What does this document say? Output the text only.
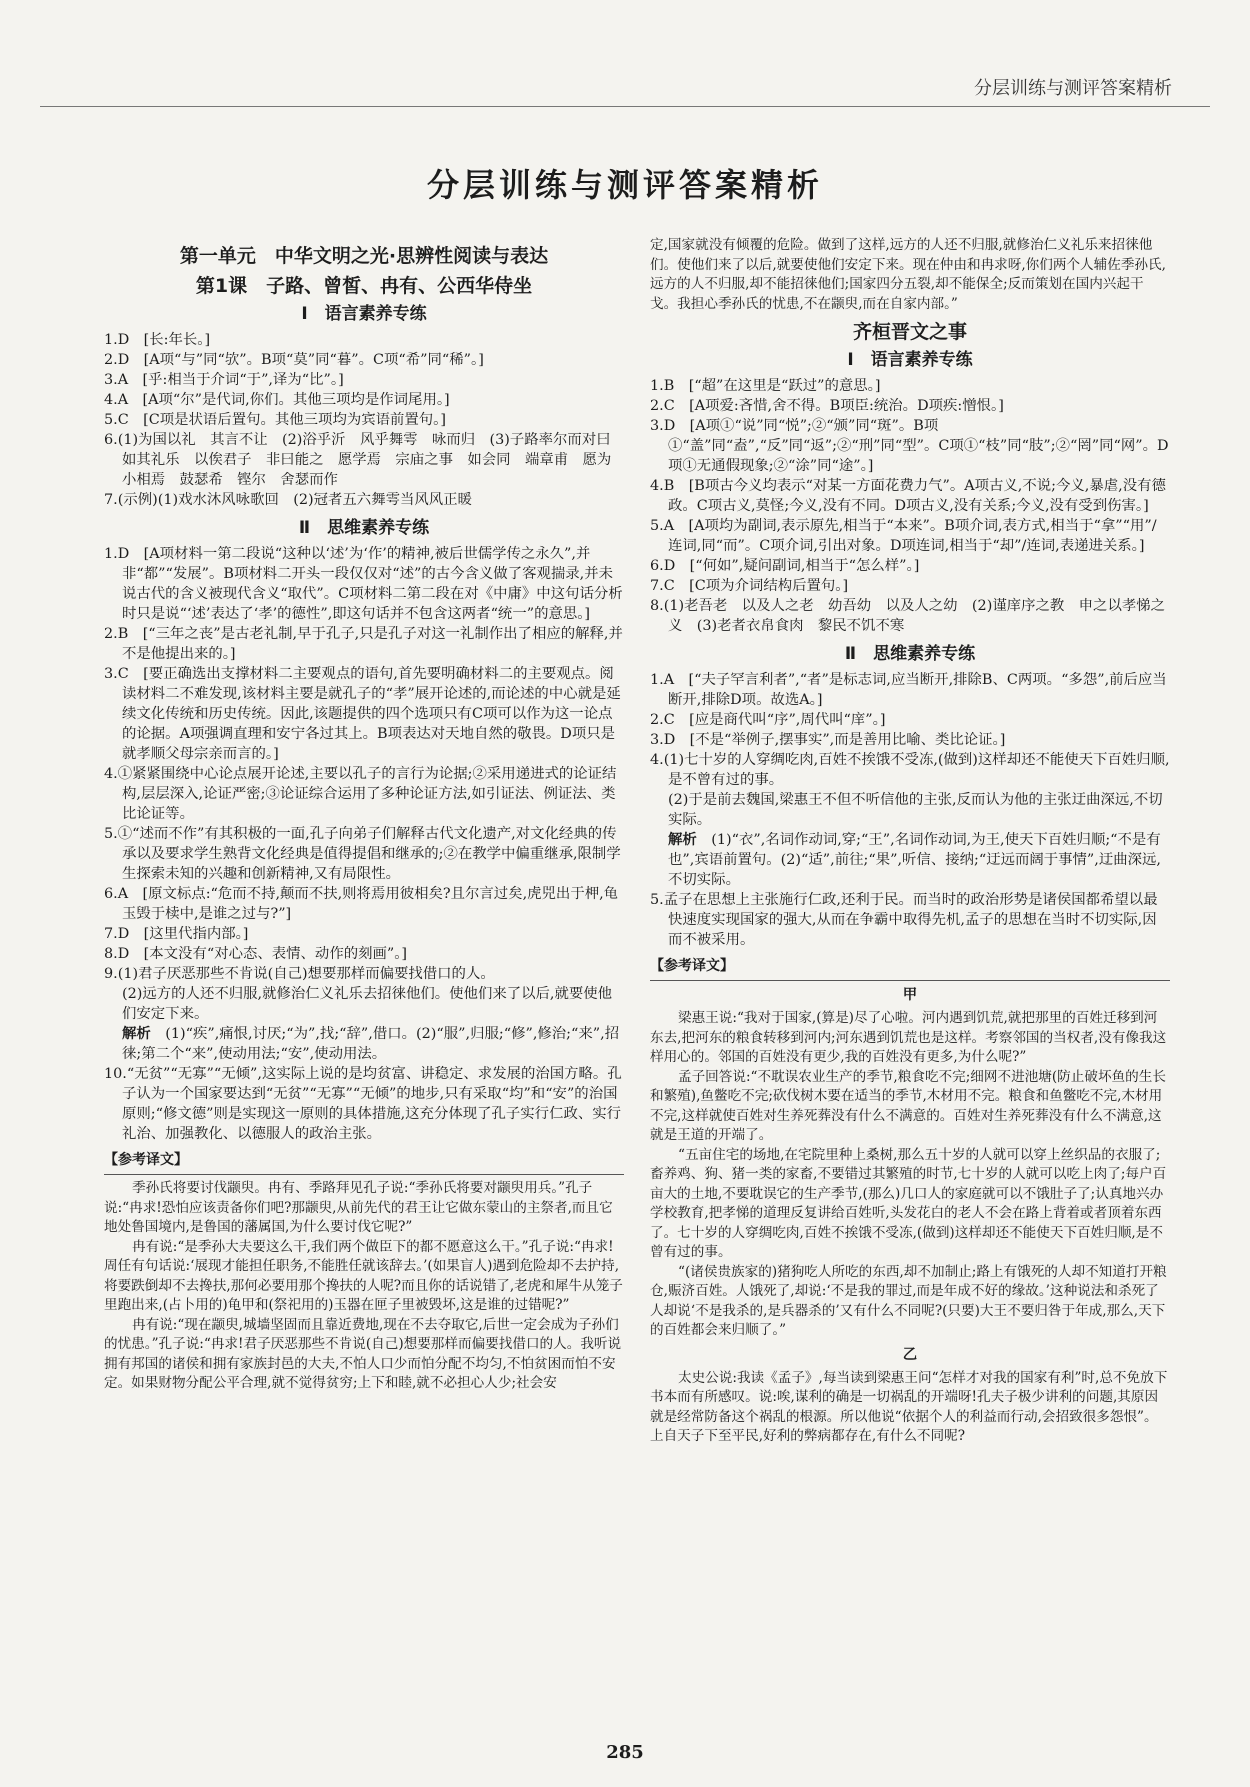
分层训练与测评答案精析
分层训练与测评答案精析
第一单元　中华文明之光·思辨性阅读与表达
第1课　子路、曾皙、冉有、公西华侍坐
Ⅰ　语言素养专练

1.D　[长:年长。]

2.D　[A项“与”同“欤”。B项“莫”同“暮”。C项“希”同“稀”。]

3.A　[乎:相当于介词“于”,译为“比”。]

4.A　[A项“尔”是代词,你们。其他三项均是作词尾用。]

5.C　[C项是状语后置句。其他三项均为宾语前置句。]

6.(1)为国以礼　其言不让　(2)浴乎沂　风乎舞雩　咏而归　(3)子路率尔而对曰　如其礼乐　以俟君子　非曰能之　愿学焉　宗庙之事　如会同　端章甫　愿为小相焉　鼓瑟希　铿尔　舍瑟而作

7.(示例)(1)戏水沐风咏歌回　(2)冠者五六舞雩当风风正暖

Ⅱ　思维素养专练

1.D　[A项材料一第二段说“这种以‘述’为‘作’的精神,被后世儒学传之永久”,并非“都”“发展”。B项材料二开头一段仅仅对“述”的古今含义做了客观揣录,并未说古代的含义被现代含义“取代”。C项材料二第二段在对《中庸》中这句话分析时只是说“‘述’表达了‘孝’的德性”,即这句话并不包含这两者“统一”的意思。]

2.B　[“三年之丧”是古老礼制,早于孔子,只是孔子对这一礼制作出了相应的解释,并不是他提出来的。]

3.C　[要正确选出支撑材料二主要观点的语句,首先要明确材料二的主要观点。阅读材料二不难发现,该材料主要是就孔子的“孝”展开论述的,而论述的中心就是延续文化传统和历史传统。因此,该题提供的四个选项只有C项可以作为这一论点的论据。A项强调直理和安宁各过其上。B项表达对天地自然的敬畏。D项只是就孝顺父母宗亲而言的。]

4.①紧紧围绕中心论点展开论述,主要以孔子的言行为论据;②采用递进式的论证结构,层层深入,论证严密;③论证综合运用了多种论证方法,如引证法、例证法、类比论证等。

5.①“述而不作”有其积极的一面,孔子向弟子们解释古代文化遗产,对文化经典的传承以及要求学生熟背文化经典是值得提倡和继承的;②在教学中偏重继承,限制学生探索未知的兴趣和创新精神,又有局限性。

6.A　[原文标点:“危而不持,颠而不扶,则将焉用彼相矣?且尔言过矣,虎兕出于柙,龟玉毁于椟中,是谁之过与?”]

7.D　[这里代指内部。]

8.D　[本文没有“对心态、表情、动作的刻画”。]

9.(1)君子厌恶那些不肯说(自己)想要那样而偏要找借口的人。

(2)远方的人还不归服,就修治仁义礼乐去招徕他们。使他们来了以后,就要使他们安定下来。

解析　 (1)“疾”,痛恨,讨厌;“为”,找;“辞”,借口。(2)“服”,归服;“修”,修治;“来”,招徕;第二个“来”,使动用法;“安”,使动用法。

10.“无贫”“无寡”“无倾”,这实际上说的是均贫富、讲稳定、求发展的治国方略。孔子认为一个国家要达到“无贫”“无寡”“无倾”的地步,只有采取“均”和“安”的治国原则;“修文德”则是实现这一原则的具体措施,这充分体现了孔子实行仁政、实行礼治、加强教化、以德服人的政治主张。

【参考译文】

季孙氏将要讨伐颛臾。冉有、季路拜见孔子说:“季孙氏将要对颛臾用兵。”孔子说:“冉求!恐怕应该责备你们吧?那颛臾,从前先代的君王让它做东蒙山的主祭者,而且它地处鲁国境内,是鲁国的藩属国,为什么要讨伐它呢?”

冉有说:“是季孙大夫要这么干,我们两个做臣下的都不愿意这么干。”孔子说:“冉求!周任有句话说:‘展现才能担任职务,不能胜任就该辞去。’(如果盲人)遇到危险却不去护持,将要跌倒却不去搀扶,那何必要用那个搀扶的人呢?而且你的话说错了,老虎和犀牛从笼子里跑出来,(占卜用的)龟甲和(祭祀用的)玉器在匣子里被毁坏,这是谁的过错呢?”

冉有说:“现在颛臾,城墙坚固而且靠近费地,现在不去夺取它,后世一定会成为子孙们的忧患。”孔子说:“冉求!君子厌恶那些不肯说(自己)想要那样而偏要找借口的人。我听说拥有邦国的诸侯和拥有家族封邑的大夫,不怕人口少而怕分配不均匀,不怕贫困而怕不安定。如果财物分配公平合理,就不觉得贫穷;上下和睦,就不必担心人少;社会安

定,国家就没有倾覆的危险。做到了这样,远方的人还不归服,就修治仁义礼乐来招徕他们。使他们来了以后,就要使他们安定下来。现在仲由和冉求呀,你们两个人辅佐季孙氏,远方的人不归服,却不能招徕他们;国家四分五裂,却不能保全;反而策划在国内兴起干戈。我担心季孙氏的忧患,不在颛臾,而在自家内部。”

齐桓晋文之事
Ⅰ　语言素养专练

1.B　[“超”在这里是“跃过”的意思。]

2.C　[A项爱:吝惜,舍不得。B项臣:统治。D项疾:憎恨。]

3.D　[A项①“说”同“悦”;②“颁”同“斑”。B项①“盖”同“盍”,“反”同“返”;②“刑”同“型”。C项①“枝”同“肢”;②“罔”同“网”。D项①无通假现象;②“涂”同“途”。]

4.B　[B项古今义均表示“对某一方面花费力气”。A项古义,不说;今义,暴虐,没有德政。C项古义,莫怪;今义,没有不同。D项古义,没有关系;今义,没有受到伤害。]

5.A　[A项均为副词,表示原先,相当于“本来”。B项介词,表方式,相当于“拿”“用”/连词,同“而”。C项介词,引出对象。D项连词,相当于“却”/连词,表递进关系。]

6.D　[“何如”,疑问副词,相当于“怎么样”。]

7.C　[C项为介词结构后置句。]

8.(1)老吾老　以及人之老　幼吾幼　以及人之幼　(2)谨庠序之教　申之以孝悌之义　(3)老者衣帛食肉　黎民不饥不寒

Ⅱ　思维素养专练

1.A　[“夫子罕言利者”,“者”是标志词,应当断开,排除B、C两项。“多怨”,前后应当断开,排除D项。故选A。]

2.C　[应是商代叫“序”,周代叫“庠”。]

3.D　[不是“举例子,摆事实”,而是善用比喻、类比论证。]

4.(1)七十岁的人穿绸吃肉,百姓不挨饿不受冻,(做到)这样却还不能使天下百姓归顺,是不曾有过的事。

(2)于是前去魏国,梁惠王不但不听信他的主张,反而认为他的主张迂曲深远,不切实际。

解析　 (1)“衣”,名词作动词,穿;“王”,名词作动词,为王,使天下百姓归顺;“不是有也”,宾语前置句。(2)“适”,前往;“果”,听信、接纳;“迂远而阔于事情”,迂曲深远,不切实际。

5.孟子在思想上主张施行仁政,还利于民。而当时的政治形势是诸侯国都希望以最快速度实现国家的强大,从而在争霸中取得先机,孟子的思想在当时不切实际,因而不被采用。

【参考译文】
甲

梁惠王说:“我对于国家,(算是)尽了心啦。河内遇到饥荒,就把那里的百姓迁移到河东去,把河东的粮食转移到河内;河东遇到饥荒也是这样。考察邻国的当权者,没有像我这样用心的。邻国的百姓没有更少,我的百姓没有更多,为什么呢?”

孟子回答说:“不耽误农业生产的季节,粮食吃不完;细网不进池塘(防止破坏鱼的生长和繁殖),鱼鳖吃不完;砍伐树木要在适当的季节,木材用不完。粮食和鱼鳖吃不完,木材用不完,这样就使百姓对生养死葬没有什么不满意的。百姓对生养死葬没有什么不满意,这就是王道的开端了。

“五亩住宅的场地,在宅院里种上桑树,那么五十岁的人就可以穿上丝织品的衣服了;畜养鸡、狗、猪一类的家畜,不要错过其繁殖的时节,七十岁的人就可以吃上肉了;每户百亩大的土地,不要耽误它的生产季节,(那么)几口人的家庭就可以不饿肚子了;认真地兴办学校教育,把孝悌的道理反复讲给百姓听,头发花白的老人不会在路上背着或者顶着东西了。七十岁的人穿绸吃肉,百姓不挨饿不受冻,(做到)这样却还不能使天下百姓归顺,是不曾有过的事。

“(诸侯贵族家的)猪狗吃人所吃的东西,却不加制止;路上有饿死的人却不知道打开粮仓,赈济百姓。人饿死了,却说:‘不是我的罪过,而是年成不好的缘故。’这种说法和杀死了人却说‘不是我杀的,是兵器杀的’又有什么不同呢?(只要)大王不要归咎于年成,那么,天下的百姓都会来归顺了。”

乙

太史公说:我读《孟子》,每当读到梁惠王问“怎样才对我的国家有利”时,总不免放下书本而有所感叹。说:唉,谋利的确是一切祸乱的开端呀!孔夫子极少讲利的问题,其原因就是经常防备这个祸乱的根源。所以他说“依据个人的利益而行动,会招致很多怨恨”。上自天子下至平民,好利的弊病都存在,有什么不同呢?

285
